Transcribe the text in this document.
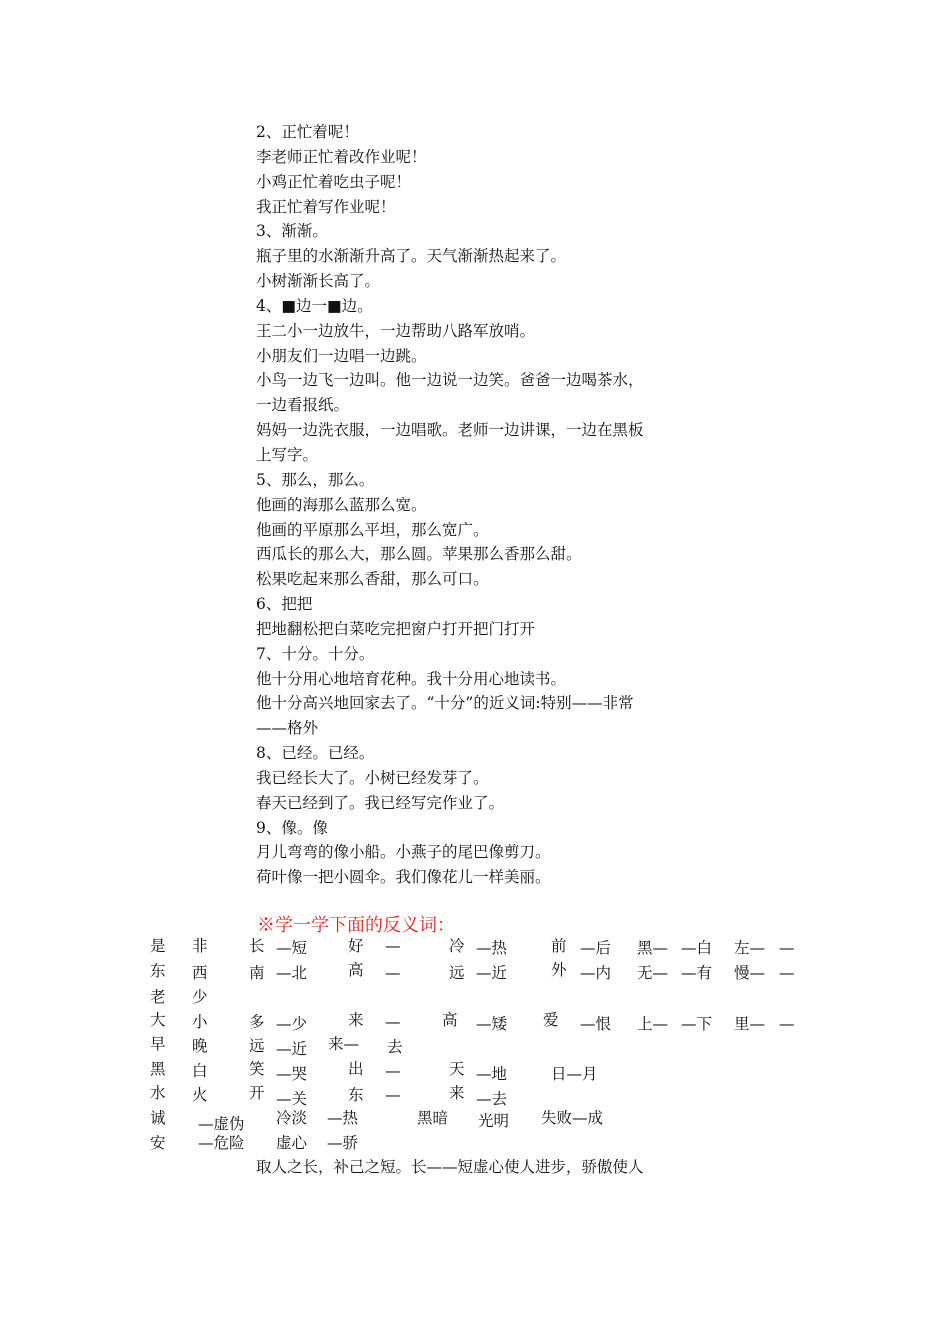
2、正忙着呢！
李老师正忙着改作业呢！
小鸡正忙着吃虫子呢！
我正忙着写作业呢！
3、渐渐。
瓶子里的水渐渐升高了。天气渐渐热起来了。
小树渐渐长高了。
4、■边一■边。
王二小一边放牛，一边帮助八路军放哨。
小朋友们一边唱一边跳。
小鸟一边飞一边叫。他一边说一边笑。爸爸一边喝茶水，
一边看报纸。
妈妈一边洗衣服，一边唱歌。老师一边讲课，一边在黑板
上写字。
5、那么，那么。
他画的海那么蓝那么宽。
他画的平原那么平坦，那么宽广。
西瓜长的那么大，那么圆。苹果那么香那么甜。
松果吃起来那么香甜，那么可口。
6、把把
把地翻松把白菜吃完把窗户打开把门打开
7、十分。十分。
他十分用心地培育花种。我十分用心地读书。
他十分高兴地回家去了。“十分”的近义词:特别——非常
——格外
8、已经。已经。
我已经长大了。小树已经发芽了。
春天已经到了。我已经写完作业了。
9、像。像
月儿弯弯的像小船。小燕子的尾巴像剪刀。
荷叶像一把小圆伞。我们像花儿一样美丽。
※学一学下面的反义词：
是 非	长 —短	好 —	冷 —热	前 —后 黑— —白 左— —
东 西	南 —北	高 —	远 —近	外 —内 无— —有 慢— —
老 少
大 小	多 —少	来 —	高 —矮 爱 —恨 上— —下 里— —
早 晚	远 —近 来— 去
黑 白	笑 —哭	出 —	天 —地	日—月
水 火	开 —关	东 —	来 —去
诚 —虚伪 冷淡 —热	黑暗 光明 失败—成
安 —危险 虚心 —骄
取人之长，补己之短。长——短虚心使人进步，骄傲使人
